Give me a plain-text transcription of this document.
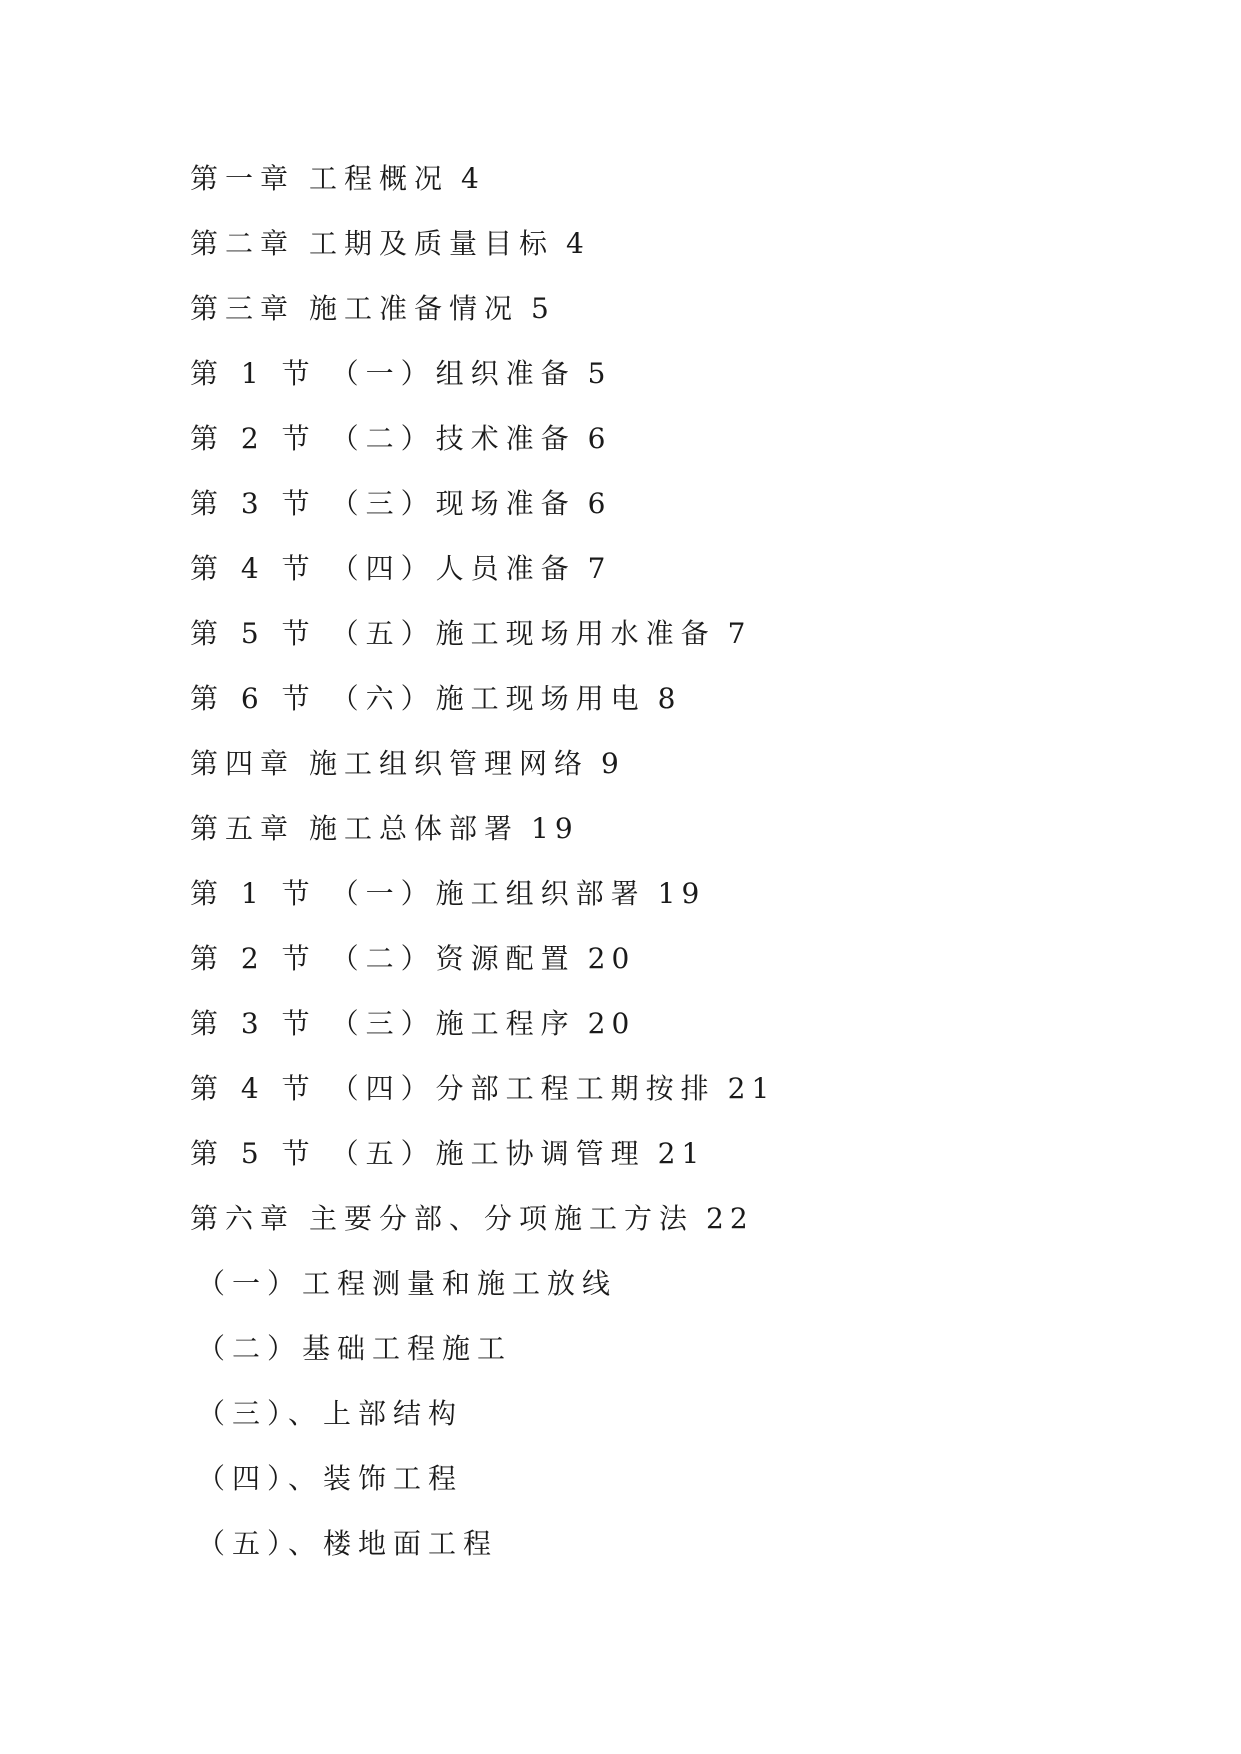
第一章 工程概况 4
第二章 工期及质量目标 4
第三章 施工准备情况 5
第 1 节 （一）组织准备 5
第 2 节 （二）技术准备 6
第 3 节 （三）现场准备 6
第 4 节 （四）人员准备 7
第 5 节 （五）施工现场用水准备 7
第 6 节 （六）施工现场用电 8
第四章 施工组织管理网络 9
第五章 施工总体部署 19
第 1 节 （一）施工组织部署 19
第 2 节 （二）资源配置 20
第 3 节 （三）施工程序 20
第 4 节 （四）分部工程工期按排 21
第 5 节 （五）施工协调管理 21
第六章 主要分部、分项施工方法 22
（一）工程测量和施工放线
（二）基础工程施工
（三）、上部结构
（四）、装饰工程
（五）、楼地面工程
